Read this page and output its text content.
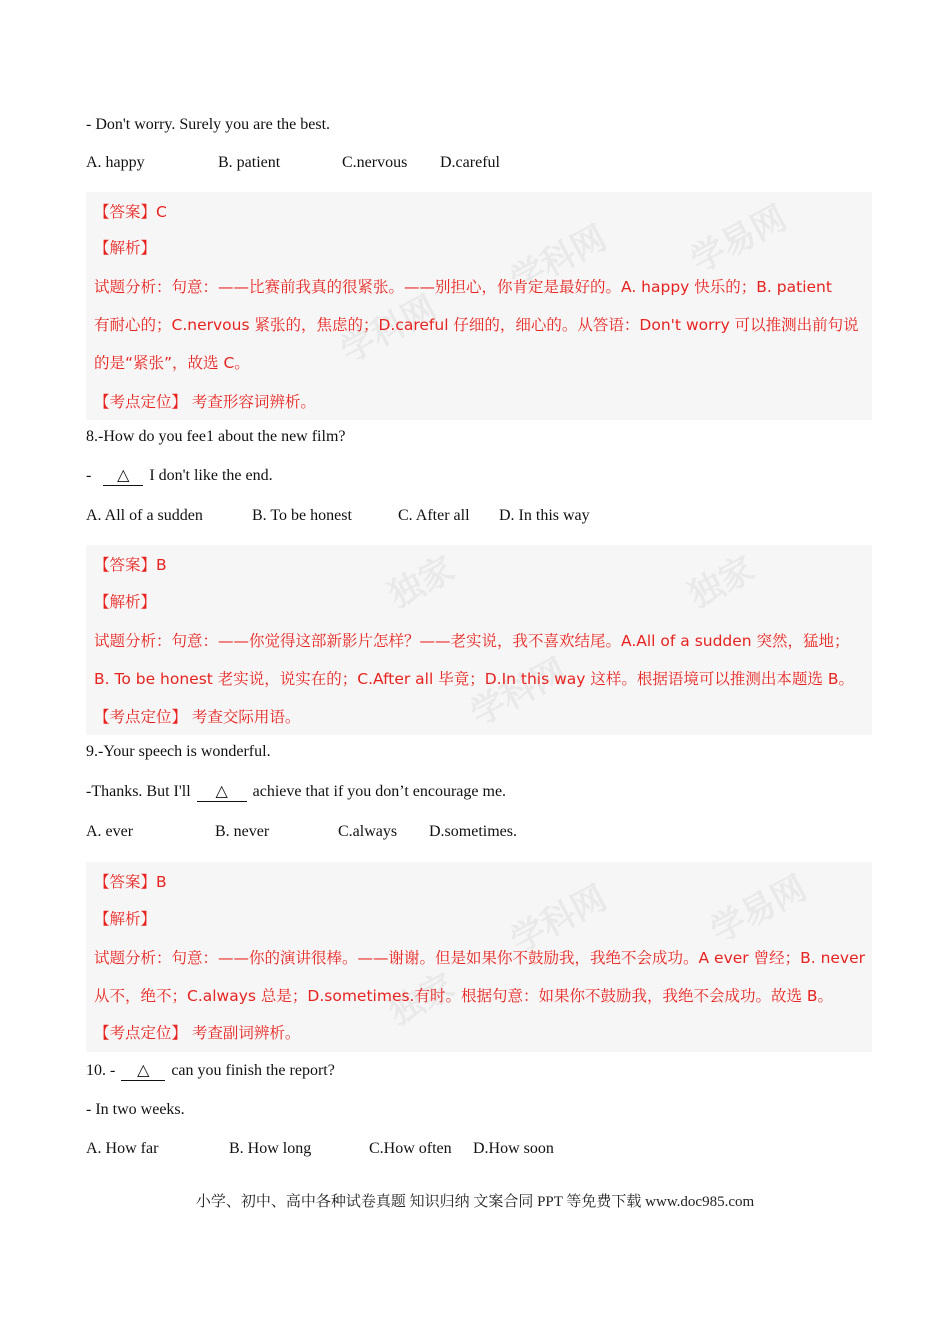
- Don't worry. Surely you are the best.
A. happy	B. patient	C.nervous D.careful
学科网 学易网
学科网
【答案】C
【解析】
试题分析：句意：——比赛前我真的很紧张。——别担心，你肯定是最好的。A. happy 快乐的；B. patient
有耐心的；C.nervous 紧张的，焦虑的；D.careful 仔细的，细心的。从答语：Don't worry 可以推测出前句说
的是“紧张”，故选 C。
【考点定位】 考查形容词辨析。
8.-How do you fee1 about the new film?
- △ I don't like the end.
A. All of a sudden	B. To be honest	C. After all D. In this way
独家	独家
学科网
【答案】B
【解析】
试题分析：句意：——你觉得这部新影片怎样？——老实说，我不喜欢结尾。A.All of a sudden 突然，猛地；
B. To be honest 老实说，说实在的；C.After all 毕竟；D.In this way 这样。根据语境可以推测出本题选 B。
【考点定位】 考查交际用语。
9.-Your speech is wonderful.
-Thanks. But I'll △ achieve that if you don’t encourage me.
A. ever	B. never	C.always D.sometimes.
学科网	学易网
独家
【答案】B
【解析】
试题分析：句意：——你的演讲很棒。——谢谢。但是如果你不鼓励我，我绝不会成功。A ever 曾经；B. never
从不，绝不；C.always 总是；D.sometimes.有时。根据句意：如果你不鼓励我，我绝不会成功。故选 B。
【考点定位】 考查副词辨析。
10. - △ can you finish the report?
- In two weeks.
A. How far	B. How long	C.How often D.How soon
小学、初中、高中各种试卷真题 知识归纳 文案合同 PPT 等免费下载 www.doc985.com
